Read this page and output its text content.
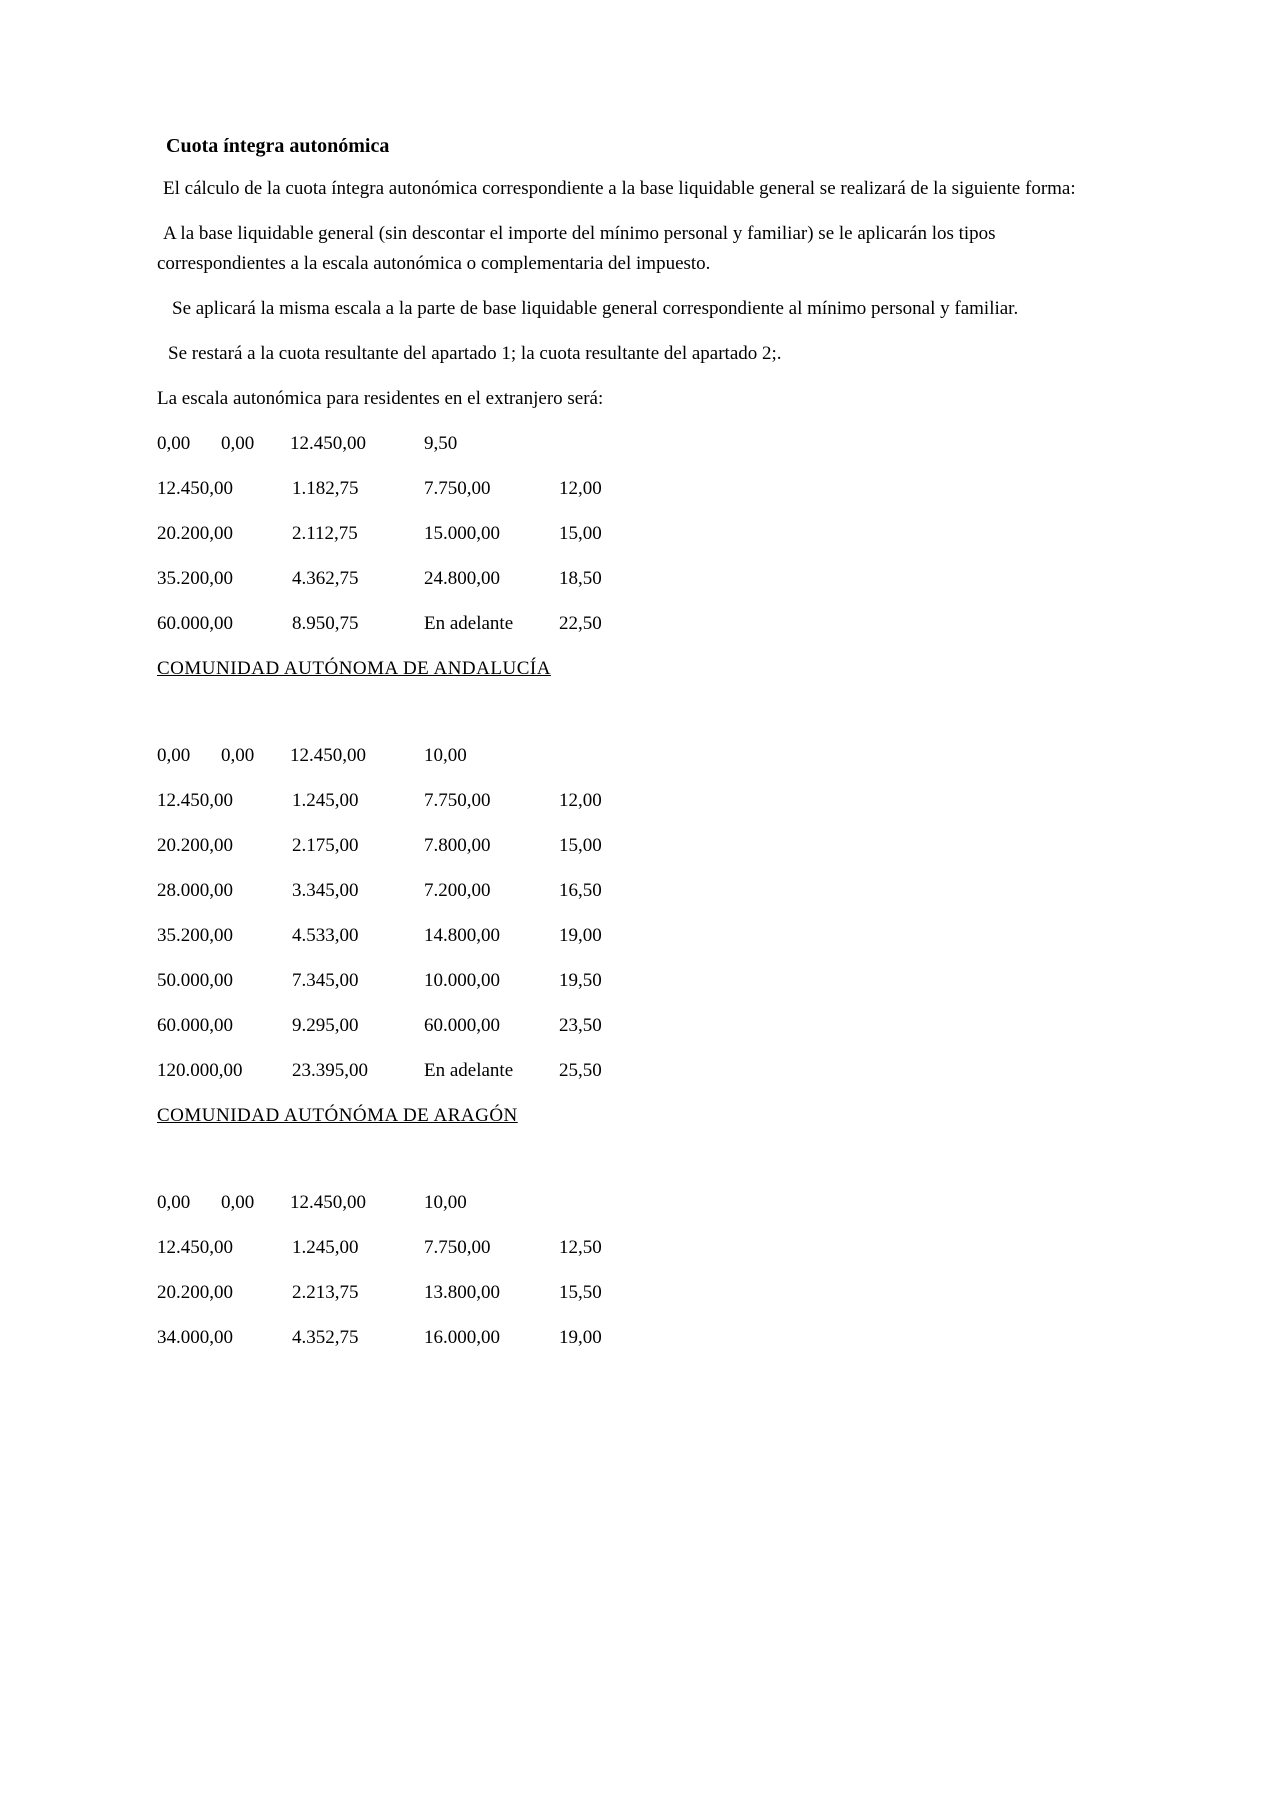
Cuota íntegra autonómica

El cálculo de la cuota íntegra autonómica correspondiente a la base liquidable general se realizará de la siguiente forma:

A la base liquidable general (sin descontar el importe del mínimo personal y familiar) se le aplicarán los tipos correspondientes a la escala autonómica o complementaria del impuesto.

Se aplicará la misma escala a la parte de base liquidable general correspondiente al mínimo personal y familiar.

Se restará a la cuota resultante del apartado 1; la cuota resultante del apartado 2;.

La escala autonómica para residentes en el extranjero será:

0,00	0,00	12.450,00	9,50
12.450,00	1.182,75	7.750,00	12,00
20.200,00	2.112,75	15.000,00	15,00
35.200,00	4.362,75	24.800,00	18,50
60.000,00	8.950,75	En adelante	22,50
COMUNIDAD AUTÓNOMA DE ANDALUCÍA
0,00	0,00	12.450,00	10,00
12.450,00	1.245,00	7.750,00	12,00
20.200,00	2.175,00	7.800,00	15,00
28.000,00	3.345,00	7.200,00	16,50
35.200,00	4.533,00	14.800,00	19,00
50.000,00	7.345,00	10.000,00	19,50
60.000,00	9.295,00	60.000,00	23,50
120.000,00	23.395,00	En adelante	25,50
COMUNIDAD AUTÓNÓMA DE ARAGÓN
0,00	0,00	12.450,00	10,00
12.450,00	1.245,00	7.750,00	12,50
20.200,00	2.213,75	13.800,00	15,50
34.000,00	4.352,75	16.000,00	19,00
